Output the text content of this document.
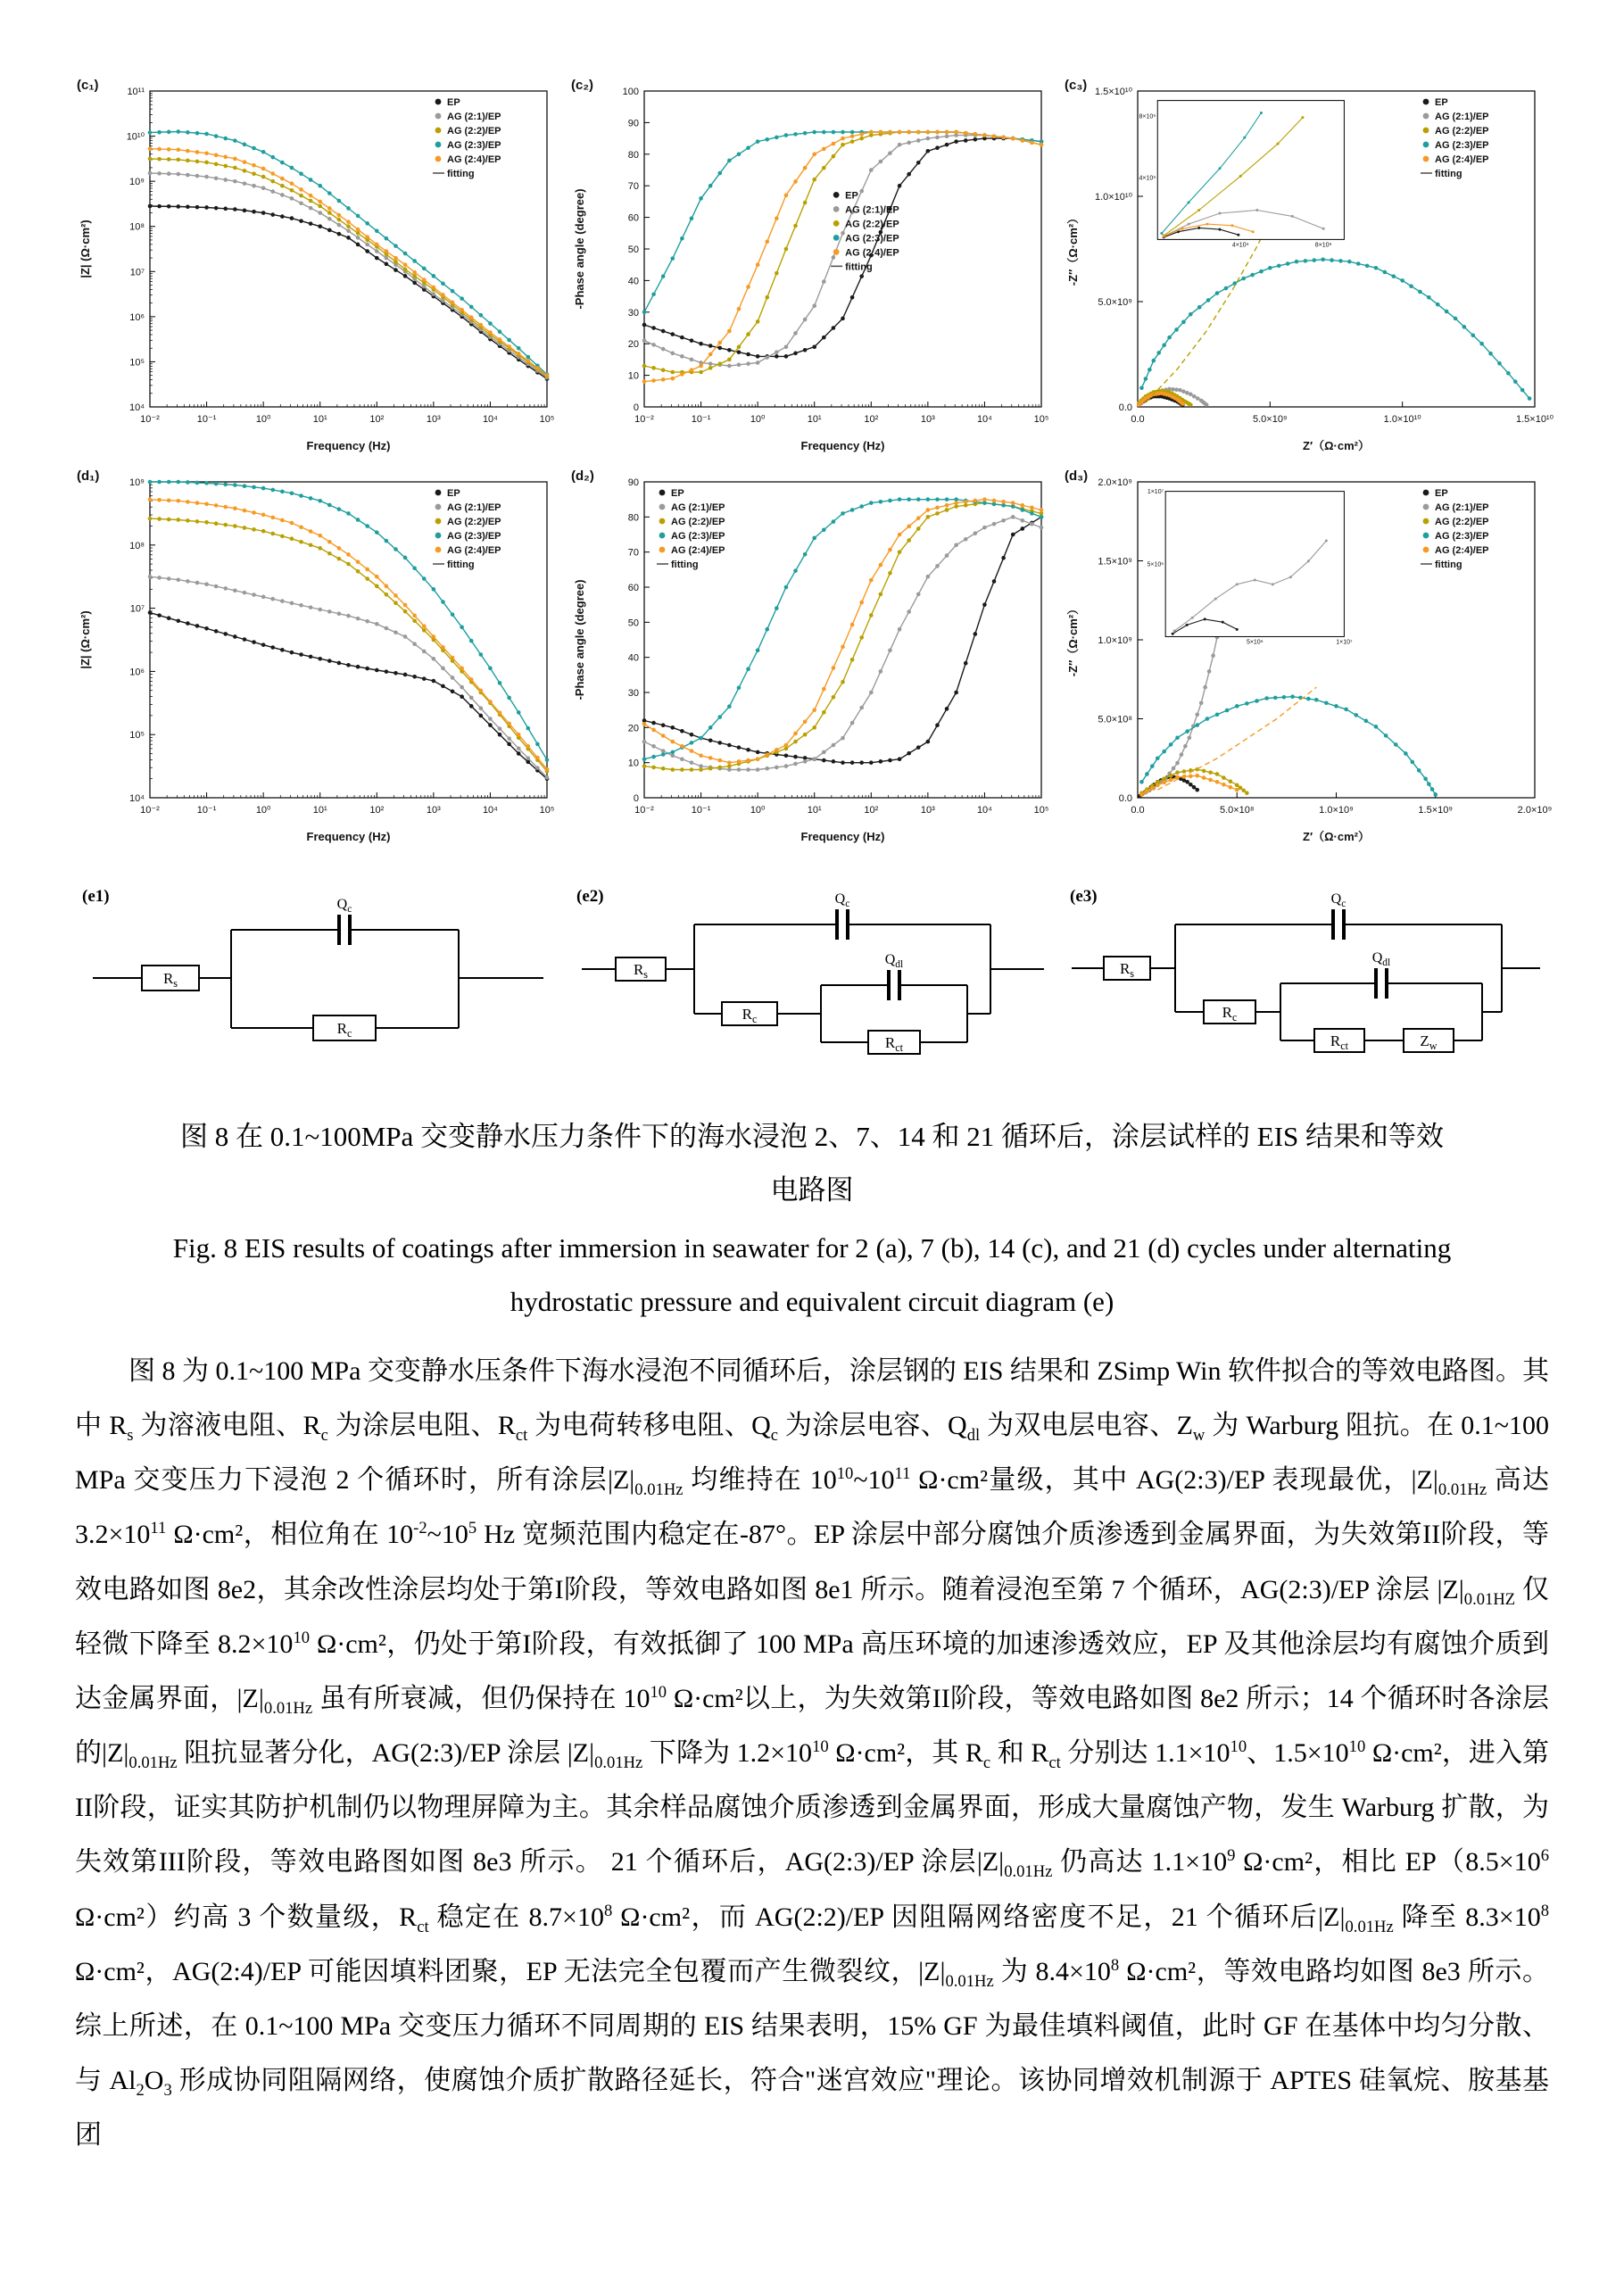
10⁻²	10⁻¹	10⁰	10¹	10²	10³	10⁴	10⁵
10⁴
10⁵
10⁶
10⁷
10⁸
10⁹
10¹⁰
10¹¹
Frequency (Hz)
|Z| (Ω·cm²)
EP
AG (2:1)/EP
AG (2:2)/EP
AG (2:3)/EP
AG (2:4)/EP
fitting
(c₁)
10⁻²	10⁻¹	10⁰	10¹	10²	10³	10⁴	10⁵
0
10
20
30
40
50
60
70
80
90
100
Frequency (Hz)
-Phase angle (degree)	EP
AG (2:1)/EP
AG (2:2)/EP
AG (2:3)/EP
AG (2:4)/EP
fitting
(c₂)
0.0	5.0×10⁹	1.0×10¹⁰	1.5×10¹⁰
0.0
5.0×10⁹
1.0×10¹⁰
1.5×10¹⁰
Z′（Ω·cm²）
-Z″（Ω·cm²）
EP
AG (2:1)/EP
AG (2:2)/EP
AG (2:3)/EP
AG (2:4)/EP
fitting
4×10⁹
8×10⁹
4×10⁹	8×10⁹
(c₃)
10⁻²	10⁻¹	10⁰	10¹	10²	10³	10⁴	10⁵
10⁴
10⁵
10⁶
10⁷
10⁸
10⁹
Frequency (Hz)
|Z| (Ω·cm²)
EP
AG (2:1)/EP
AG (2:2)/EP
AG (2:3)/EP
AG (2:4)/EP
fitting
(d₁)
10⁻²	10⁻¹	10⁰	10¹	10²	10³	10⁴	10⁵
0
10
20
30
40
50
60
70
80
90
Frequency (Hz)
-Phase angle (degree)
EP
AG (2:1)/EP
AG (2:2)/EP
AG (2:3)/EP
AG (2:4)/EP
fitting
(d₂)
0.0	5.0×10⁸	1.0×10⁹	1.5×10⁹	2.0×10⁹
0.0
5.0×10⁸
1.0×10⁹
1.5×10⁹
2.0×10⁹
Z′（Ω·cm²）
-Z″（Ω·cm²）
EP
AG (2:1)/EP
AG (2:2)/EP
AG (2:3)/EP
AG (2:4)/EP
fitting
5×10⁶
1×10⁷
5×10⁶	1×10⁷
(d₃)
(e1)
$R_s$
$Q_c$
$R_c$
(e2)
$R_s$
$Q_c$
$R_c$
$Q_{dl}$
$R_{ct}$
(e3)
$R_s$
$Q_c$
$R_c$
$Q_{dl}$
$R_{ct}$	$Z_w$
图 8 在 0.1~100MPa 交变静水压力条件下的海水浸泡 2、7、14 和 21 循环后，涂层试样的 EIS 结果和等效
电路图
Fig. 8 EIS results of coatings after immersion in seawater for 2 (a), 7 (b), 14 (c), and 21 (d) cycles under alternating
hydrostatic pressure and equivalent circuit diagram (e)

图 8 为 0.1~100 MPa 交变静水压条件下海水浸泡不同循环后，涂层钢的 EIS 结果和 ZSimp Win 软件拟合的等效电路图。其中 $R_s$ 为溶液电阻、$R_c$ 为涂层电阻、$R_{ct}$ 为电荷转移电阻、$Q_c$ 为涂层电容、$Q_{dl}$ 为双电层电容、$Z_w$ 为 Warburg 阻抗。在 0.1~100 MPa 交变压力下浸泡 2 个循环时，所有涂层$|Z|_{0.01Hz}$ 均维持在 $10^{10}\sim 10^{11}$ Ω·cm²量级，其中 AG(2:3)/EP 表现最优，$|Z|_{0.01Hz}$ 高达 $3.2\times 10^{11}$ Ω·cm²，相位角在 $10^{-2}\sim 10^5$ Hz 宽频范围内稳定在-87°。EP 涂层中部分腐蚀介质渗透到金属界面，为失效第II阶段，等效电路如图 8e2，其余改性涂层均处于第I阶段，等效电路如图 8e1 所示。随着浸泡至第 7 个循环，AG(2:3)/EP 涂层 $|Z|_{0.01HZ}$ 仅轻微下降至 $8.2\times 10^{10}$ Ω·cm²，仍处于第I阶段，有效抵御了 100 MPa 高压环境的加速渗透效应，EP 及其他涂层均有腐蚀介质到达金属界面，$|Z|_{0.01Hz}$ 虽有所衰减，但仍保持在 $10^{10}$ Ω·cm²以上，为失效第II阶段，等效电路如图 8e2 所示；14 个循环时各涂层的$|Z|_{0.01Hz}$ 阻抗显著分化，AG(2:3)/EP 涂层 $|Z|_{0.01Hz}$ 下降为 $1.2\times 10^{10}$ Ω·cm²，其 $R_c$ 和 $R_{ct}$ 分别达 $1.1\times 10^{10}$、$1.5\times 10^{10}$ Ω·cm²，进入第II阶段，证实其防护机制仍以物理屏障为主。其余样品腐蚀介质渗透到金属界面，形成大量腐蚀产物，发生 Warburg 扩散，为失效第III阶段，等效电路图如图 8e3 所示。 21 个循环后，AG(2:3)/EP 涂层$|Z|_{0.01Hz}$ 仍高达 $1.1\times 10^9$ Ω·cm²，相比 $EP(8.5\times 10^6$ Ω·cm²）约高 3 个数量级，$R_{ct}$ 稳定在 $8.7\times 10^8$ Ω·cm²，而 AG(2:2)/EP 因阻隔网络密度不足，21 个循环后$|Z|_{0.01Hz}$ 降至 $8.3\times 10^8$ Ω·cm²，AG(2:4)/EP 可能因填料团聚，EP 无法完全包覆而产生微裂纹，$|Z|_{0.01Hz}$ 为 $8.4\times 10^8$ Ω·cm²，等效电路均如图 8e3 所示。综上所述，在 0.1~100 MPa 交变压力循环不同周期的 EIS 结果表明，15% GF 为最佳填料阈值，此时 GF 在基体中均匀分散、与 $Al_2O_3$ 形成协同阻隔网络，使腐蚀介质扩散路径延长，符合"迷宫效应"理论。该协同增效机制源于 APTES 硅氧烷、胺基基团
